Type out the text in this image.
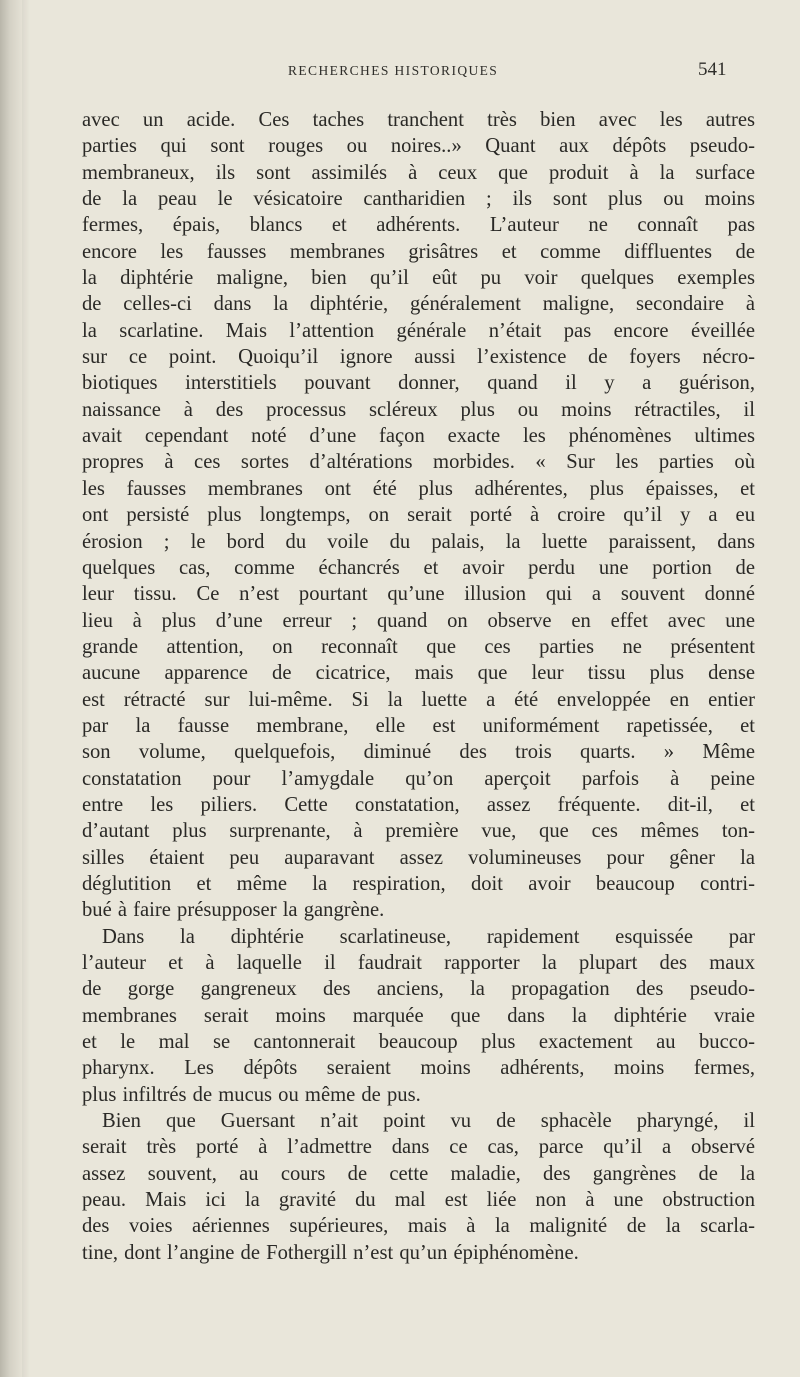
RECHERCHES HISTORIQUES	541
avec un acide. Ces taches tranchent très bien avec les autres
parties qui sont rouges ou noires..» Quant aux dépôts pseudo-
membraneux, ils sont assimilés à ceux que produit à la surface
de la peau le vésicatoire cantharidien ; ils sont plus ou moins
fermes, épais, blancs et adhérents. L’auteur ne connaît pas
encore les fausses membranes grisâtres et comme diffluentes de
la diphtérie maligne, bien qu’il eût pu voir quelques exemples
de celles-ci dans la diphtérie, généralement maligne, secondaire à
la scarlatine. Mais l’attention générale n’était pas encore éveillée
sur ce point. Quoiqu’il ignore aussi l’existence de foyers nécro-
biotiques interstitiels pouvant donner, quand il y a guérison,
naissance à des processus scléreux plus ou moins rétractiles, il
avait cependant noté d’une façon exacte les phénomènes ultimes
propres à ces sortes d’altérations morbides. « Sur les parties où
les fausses membranes ont été plus adhérentes, plus épaisses, et
ont persisté plus longtemps, on serait porté à croire qu’il y a eu
érosion ; le bord du voile du palais, la luette paraissent, dans
quelques cas, comme échancrés et avoir perdu une portion de
leur tissu. Ce n’est pourtant qu’une illusion qui a souvent donné
lieu à plus d’une erreur ; quand on observe en effet avec une
grande attention, on reconnaît que ces parties ne présentent
aucune apparence de cicatrice, mais que leur tissu plus dense
est rétracté sur lui-même. Si la luette a été enveloppée en entier
par la fausse membrane, elle est uniformément rapetissée, et
son volume, quelquefois, diminué des trois quarts. » Même
constatation pour l’amygdale qu’on aperçoit parfois à peine
entre les piliers. Cette constatation, assez fréquente. dit-il, et
d’autant plus surprenante, à première vue, que ces mêmes ton-
silles étaient peu auparavant assez volumineuses pour gêner la
déglutition et même la respiration, doit avoir beaucoup contri-
bué à faire présupposer la gangrène.
Dans la diphtérie scarlatineuse, rapidement esquissée par
l’auteur et à laquelle il faudrait rapporter la plupart des maux
de gorge gangreneux des anciens, la propagation des pseudo-
membranes serait moins marquée que dans la diphtérie vraie
et le mal se cantonnerait beaucoup plus exactement au bucco-
pharynx. Les dépôts seraient moins adhérents, moins fermes,
plus infiltrés de mucus ou même de pus.
Bien que Guersant n’ait point vu de sphacèle pharyngé, il
serait très porté à l’admettre dans ce cas, parce qu’il a observé
assez souvent, au cours de cette maladie, des gangrènes de la
peau. Mais ici la gravité du mal est liée non à une obstruction
des voies aériennes supérieures, mais à la malignité de la scarla-
tine, dont l’angine de Fothergill n’est qu’un épiphénomène.
